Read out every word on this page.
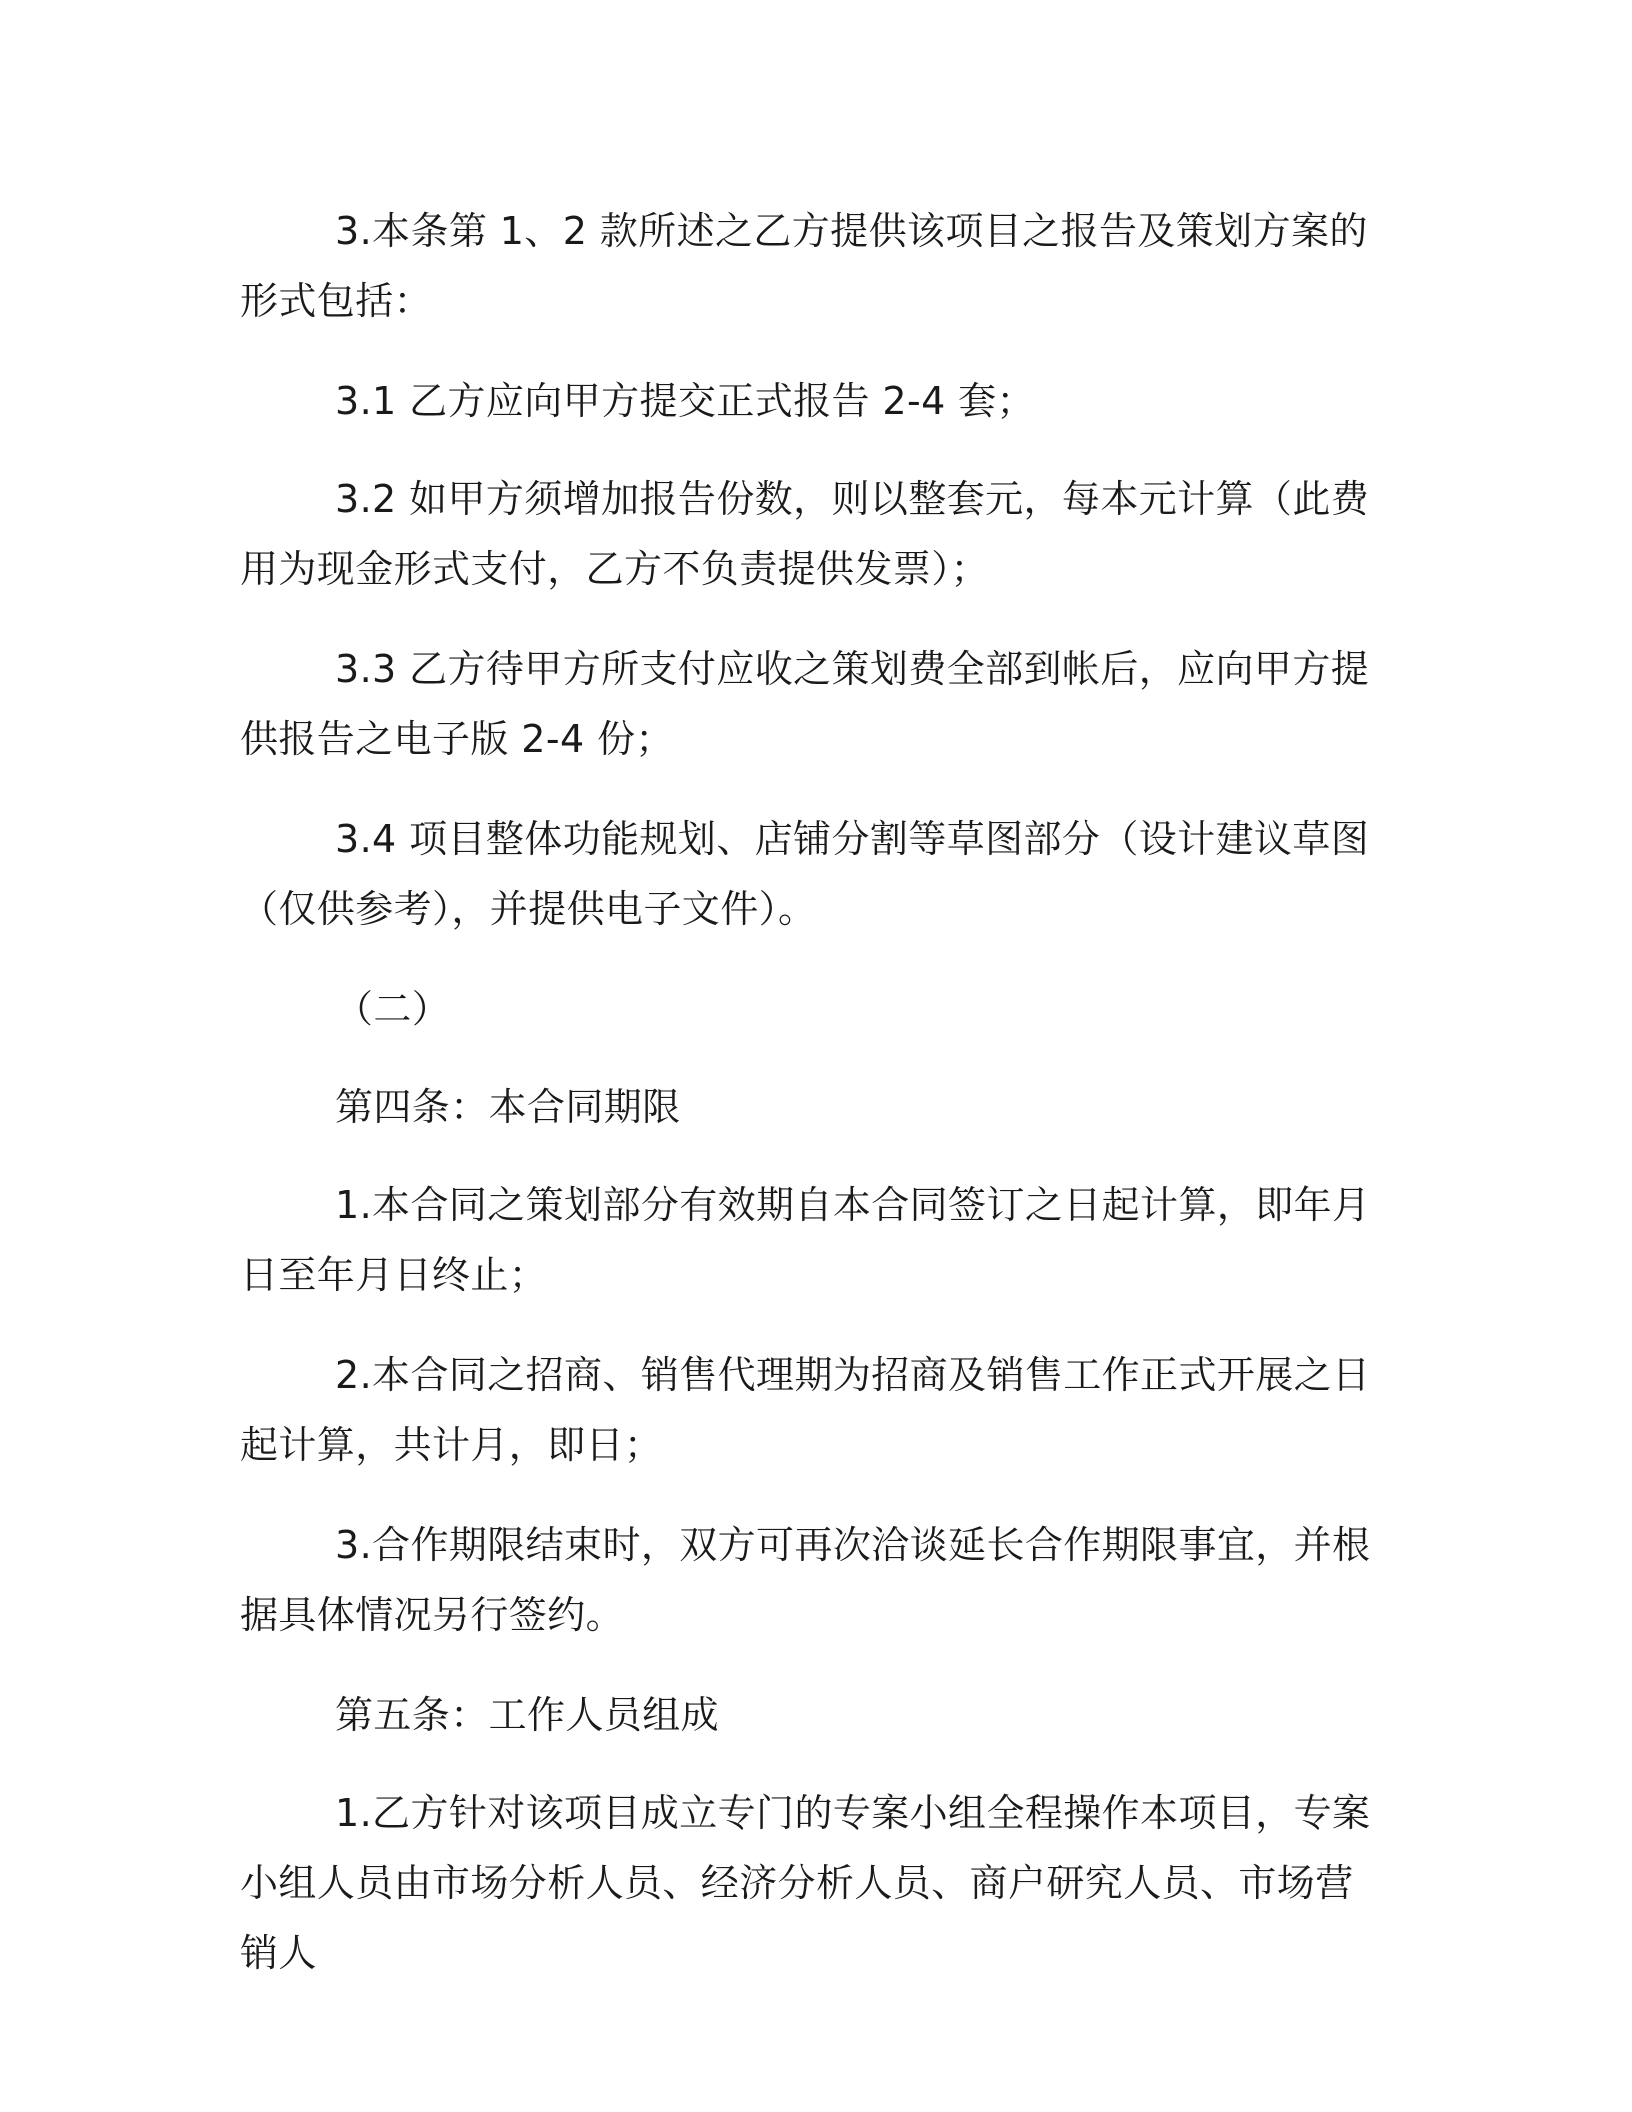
3.本条第 1、2 款所述之乙方提供该项目之报告及策划方案的形式包括：

3.1 乙方应向甲方提交正式报告 2-4 套；

3.2 如甲方须增加报告份数，则以整套元，每本元计算（此费用为现金形式支付，乙方不负责提供发票）；

3.3 乙方待甲方所支付应收之策划费全部到帐后，应向甲方提供报告之电子版 2-4 份；

3.4 项目整体功能规划、店铺分割等草图部分（设计建议草图（仅供参考），并提供电子文件）。

（二）

第四条：本合同期限

1.本合同之策划部分有效期自本合同签订之日起计算，即年月日至年月日终止；

2.本合同之招商、销售代理期为招商及销售工作正式开展之日起计算，共计月，即日；

3.合作期限结束时，双方可再次洽谈延长合作期限事宜，并根据具体情况另行签约。

第五条：工作人员组成

1.乙方针对该项目成立专门的专案小组全程操作本项目，专案小组人员由市场分析人员、经济分析人员、商户研究人员、市场营销人
